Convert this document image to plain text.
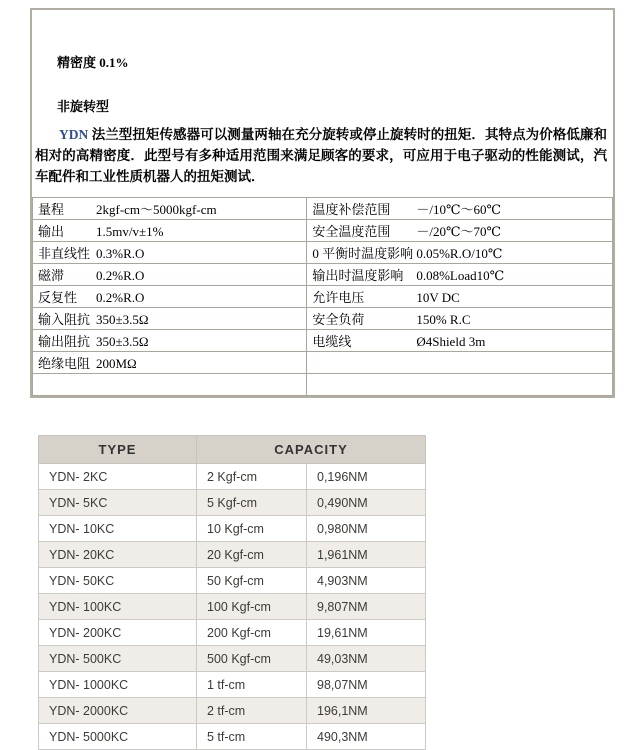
精密度 0.1%
非旋转型

YDN 法兰型扭矩传感器可以测量两轴在充分旋转或停止旋转时的扭矩．其特点为价格低廉和相对的高精密度．此型号有多种适用范围来满足顾客的要求，可应用于电子驱动的性能测试，汽车配件和工业性质机器人的扭矩测试．

量程 2kgf-cm～5000kgf-cm	温度补偿范围 －/10℃～60℃
输出 1.5mv/v±1%	安全温度范围 －/20℃～70℃
非直线性 0.3%R.O	0 平衡时温度影响 0.05%R.O/10℃
磁滞 0.2%R.O	输出时温度影响 0.08%Load10℃
反复性 0.2%R.O	允许电压 10V DC
输入阻抗 350±3.5Ω	安全负荷 150% R.C
输出阻抗 350±3.5Ω	电缆线 Ø4Shield 3m
绝缘电阻 200MΩ	

TYPE	CAPACITY	
YDN- 2KC	2 Kgf-cm	0,196NM
YDN- 5KC	5 Kgf-cm	0,490NM
YDN- 10KC	10 Kgf-cm	0,980NM
YDN- 20KC	20 Kgf-cm	1,961NM
YDN- 50KC	50 Kgf-cm	4,903NM
YDN- 100KC	100 Kgf-cm	9,807NM
YDN- 200KC	200 Kgf-cm	19,61NM
YDN- 500KC	500 Kgf-cm	49,03NM
YDN- 1000KC	1 tf-cm	98,07NM
YDN- 2000KC	2 tf-cm	196,1NM
YDN- 5000KC	5 tf-cm	490,3NM
